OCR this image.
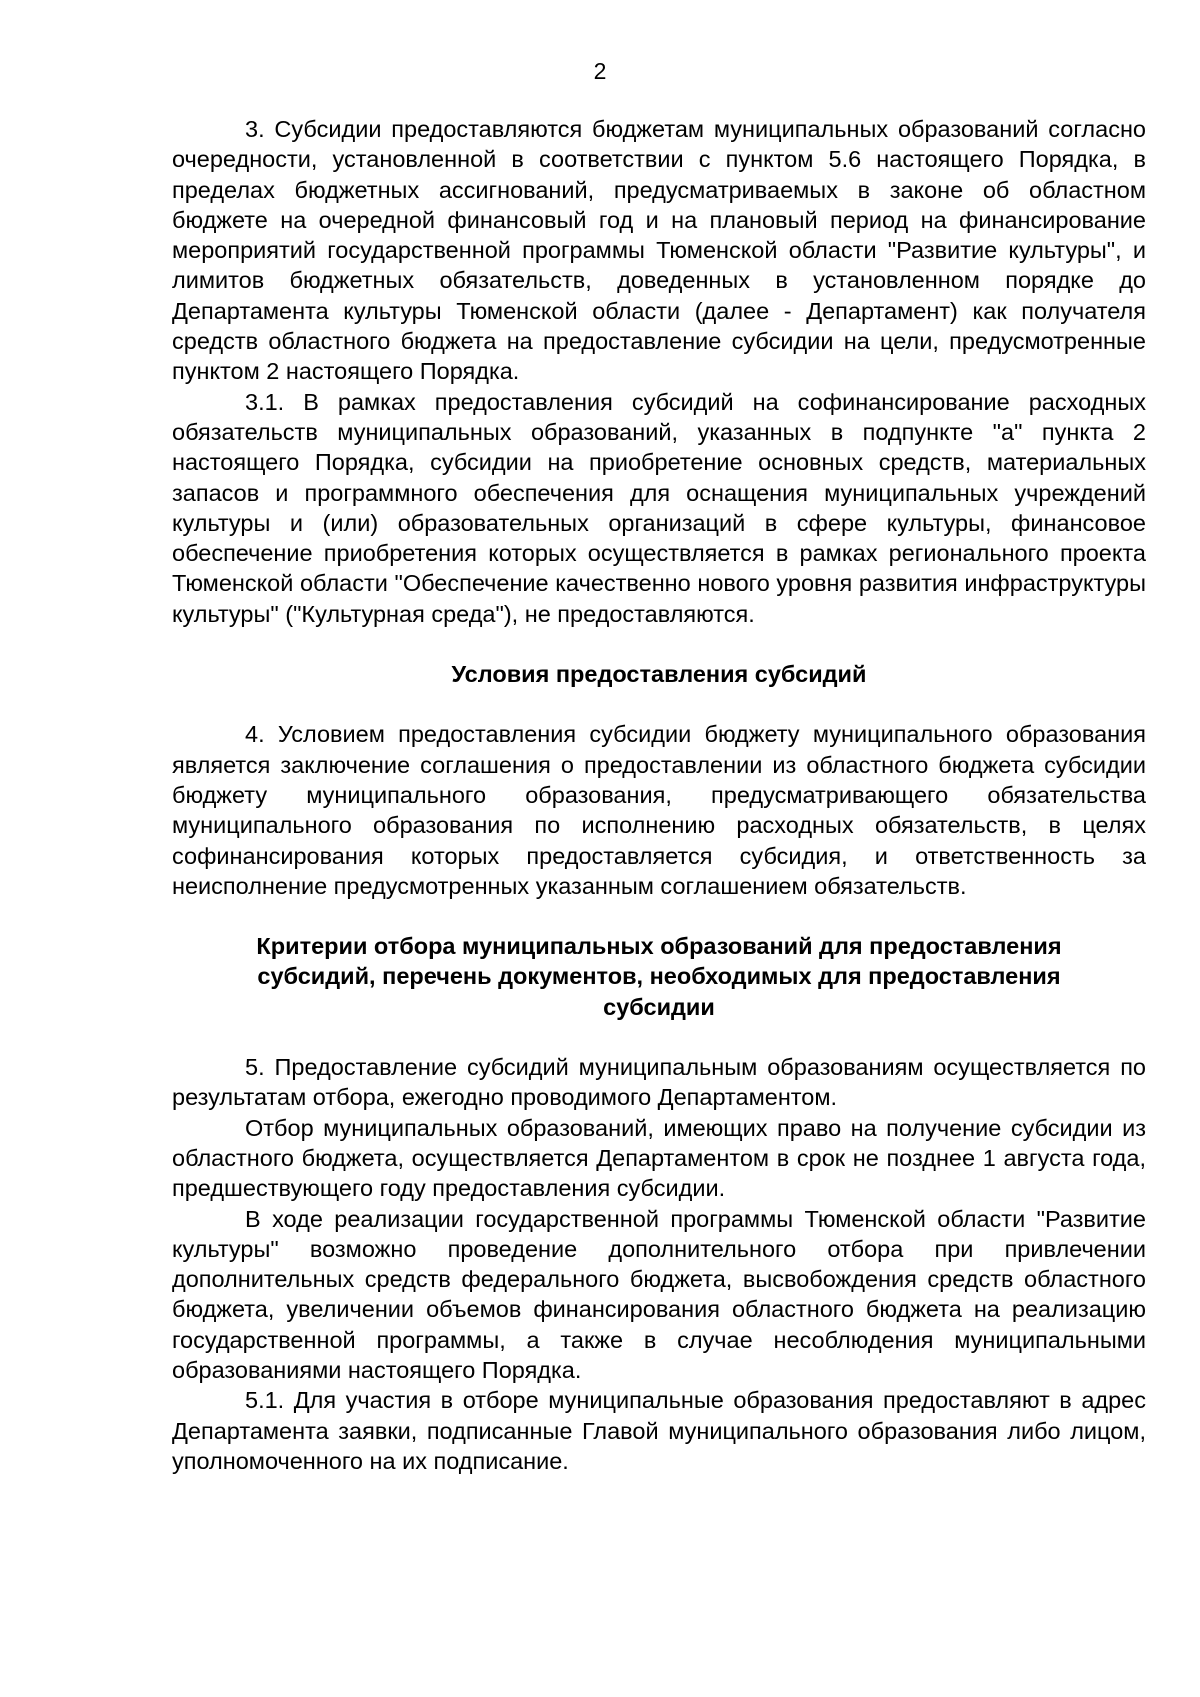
2

3. Субсидии предоставляются бюджетам муниципальных образований согласно очередности, установленной в соответствии с пунктом 5.6 настоящего Порядка, в пределах бюджетных ассигнований, предусматриваемых в законе об областном бюджете на очередной финансовый год и на плановый период на финансирование мероприятий государственной программы Тюменской области "Развитие культуры", и лимитов бюджетных обязательств, доведенных в установленном порядке до Департамента культуры Тюменской области (далее - Департамент) как получателя средств областного бюджета на предоставление субсидии на цели, предусмотренные пунктом 2 настоящего Порядка.

3.1. В рамках предоставления субсидий на софинансирование расходных обязательств муниципальных образований, указанных в подпункте "а" пункта 2 настоящего Порядка, субсидии на приобретение основных средств, материальных запасов и программного обеспечения для оснащения муниципальных учреждений культуры и (или) образовательных организаций в сфере культуры, финансовое обеспечение приобретения которых осуществляется в рамках регионального проекта Тюменской области "Обеспечение качественно нового уровня развития инфраструктуры культуры" ("Культурная среда"), не предоставляются.

Условия предоставления субсидий

4. Условием предоставления субсидии бюджету муниципального образования является заключение соглашения о предоставлении из областного бюджета субсидии бюджету муниципального образования, предусматривающего обязательства муниципального образования по исполнению расходных обязательств, в целях софинансирования которых предоставляется субсидия, и ответственность за неисполнение предусмотренных указанным соглашением обязательств.

Критерии отбора муниципальных образований для предоставления

субсидий, перечень документов, необходимых для предоставления

субсидии

5. Предоставление субсидий муниципальным образованиям осуществляется по результатам отбора, ежегодно проводимого Департаментом.

Отбор муниципальных образований, имеющих право на получение субсидии из областного бюджета, осуществляется Департаментом в срок не позднее 1 августа года, предшествующего году предоставления субсидии.

В ходе реализации государственной программы Тюменской области "Развитие культуры" возможно проведение дополнительного отбора при привлечении дополнительных средств федерального бюджета, высвобождения средств областного бюджета, увеличении объемов финансирования областного бюджета на реализацию государственной программы, а также в случае несоблюдения муниципальными образованиями настоящего Порядка.

5.1. Для участия в отборе муниципальные образования предоставляют в адрес Департамента заявки, подписанные Главой муниципального образования либо лицом, уполномоченного на их подписание.
